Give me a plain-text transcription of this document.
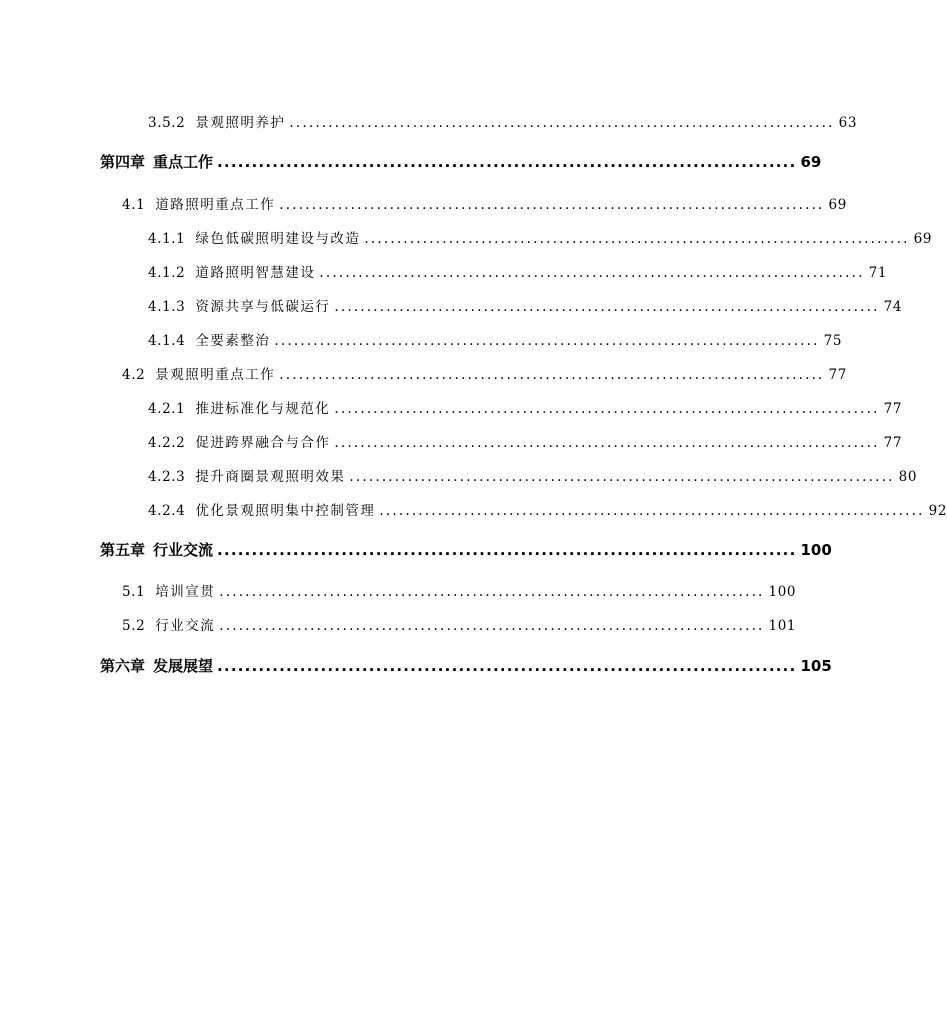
3.5.2 景观照明养护 .................................................................................... 63
第四章 重点工作 .................................................................................... 69
4.1 道路照明重点工作 .................................................................................... 69
4.1.1 绿色低碳照明建设与改造 .................................................................................... 69
4.1.2 道路照明智慧建设 .................................................................................... 71
4.1.3 资源共享与低碳运行 .................................................................................... 74
4.1.4 全要素整治 .................................................................................... 75
4.2 景观照明重点工作 .................................................................................... 77
4.2.1 推进标准化与规范化 .................................................................................... 77
4.2.2 促进跨界融合与合作 .................................................................................... 77
4.2.3 提升商圈景观照明效果 .................................................................................... 80
4.2.4 优化景观照明集中控制管理 .................................................................................... 92
第五章 行业交流 .................................................................................... 100
5.1 培训宣贯 .................................................................................... 100
5.2 行业交流 .................................................................................... 101
第六章 发展展望 .................................................................................... 105
